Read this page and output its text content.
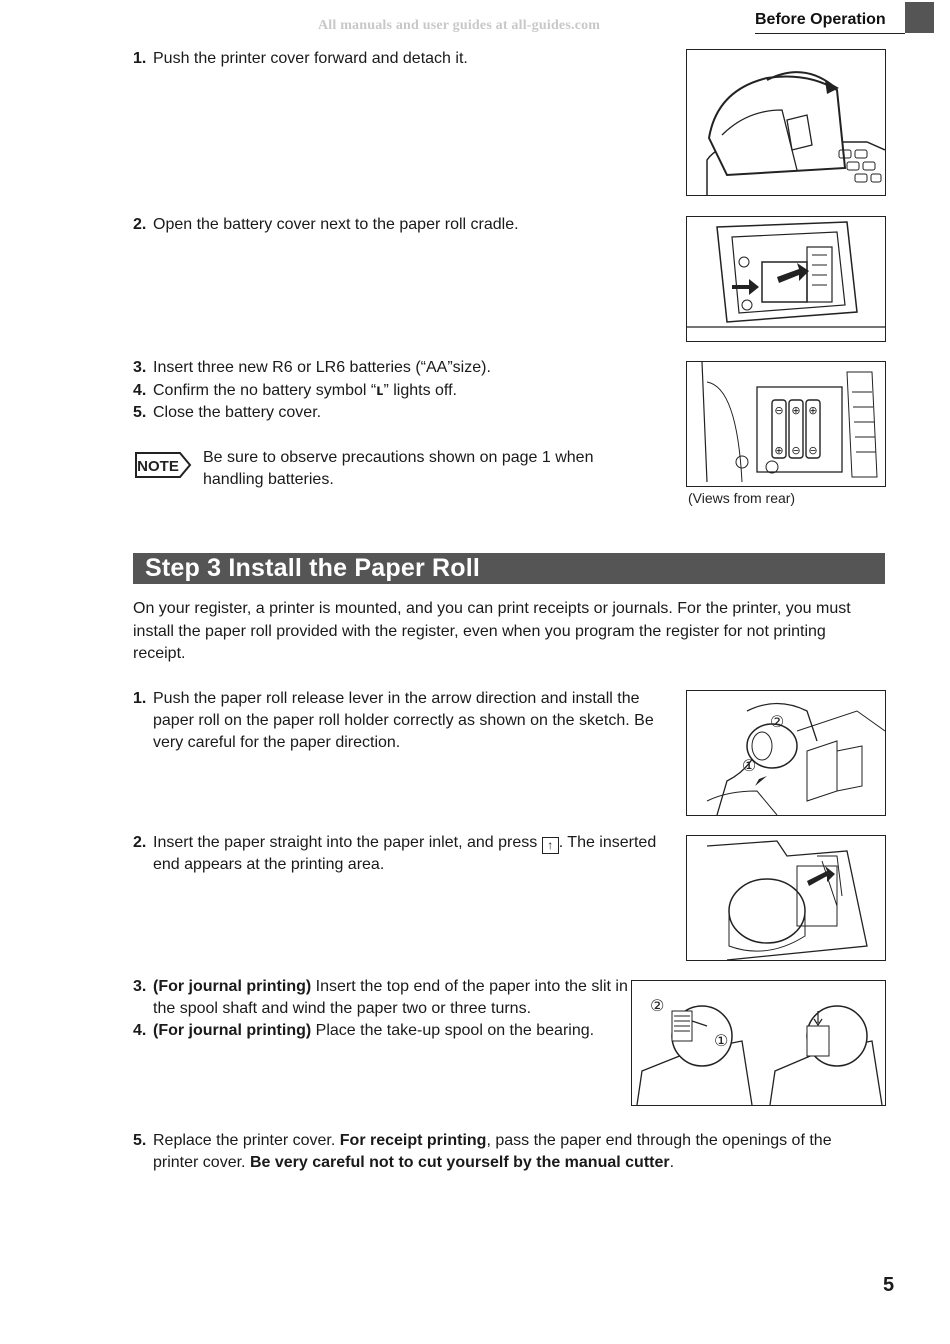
All manuals and user guides at all-guides.com	Before Operation
1. Push the printer cover forward and detach it.
2. Open the battery cover next to the paper roll cradle.
3. Insert three new R6 or LR6 batteries (“AA”size).
4. Confirm the no battery symbol “ʟ” lights off.
5. Close the battery cover.	⊖ ⊕ ⊕
⊕ ⊖ ⊖
(Views from rear)
NOTE
Be sure to observe precautions shown on page 1 when handling batteries.
Step 3 Install the Paper Roll
On your register, a printer is mounted, and you can print receipts or journals. For the printer, you must install the paper roll provided with the register, even when you program the register for not printing receipt.
1. Push the paper roll release lever in the arrow direction and install the paper roll on the paper roll holder correctly as shown on the sketch. Be very careful for the paper direction.
②
①
2. Insert the paper straight into the paper inlet, and press ↑ . The inserted end appears at the printing area.
3. (For journal printing) Insert the top end of the paper into the slit in the spool shaft and wind the paper two or three turns.
4. (For journal printing) Place the take-up spool on the bearing.
②
①
5. Replace the printer cover. For receipt printing, pass the paper end through the openings of the printer cover. Be very careful not to cut yourself by the manual cutter.
5
